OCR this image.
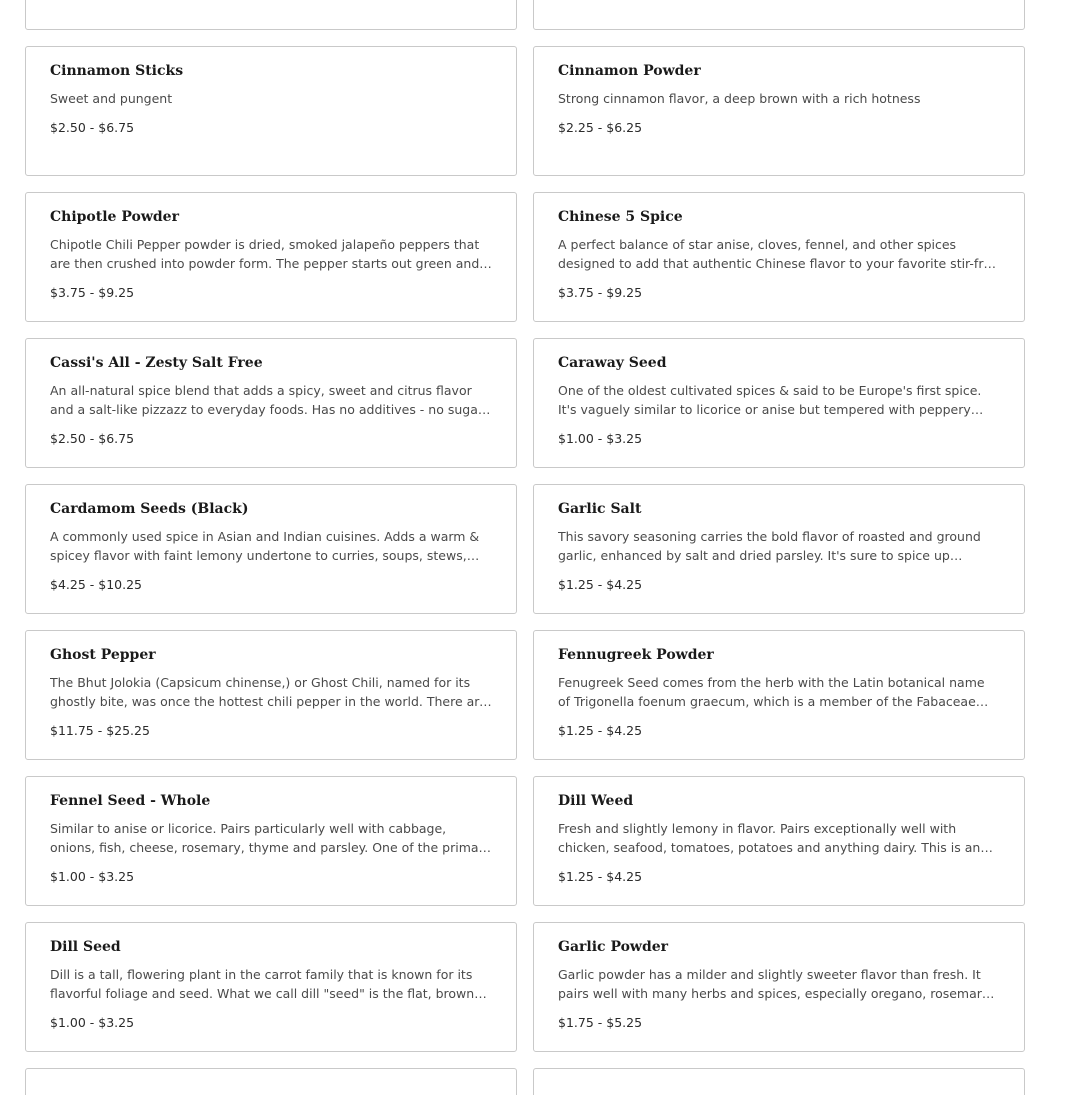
Cinnamon Sticks

Sweet and pungent

$2.50 - $6.75
Cinnamon Powder

Strong cinnamon flavor, a deep brown with a rich hotness

$2.25 - $6.25
Chipotle Powder

Chipotle Chili Pepper powder is dried, smoked jalapeño peppers that are then crushed into powder form. The pepper starts out green and

$3.75 - $9.25
Chinese 5 Spice

A perfect balance of star anise, cloves, fennel, and other spices designed to add that authentic Chinese flavor to your favorite stir-fry,

$3.75 - $9.25
Cassi's All - Zesty Salt Free

An all-natural spice blend that adds a spicy, sweet and citrus flavor and a salt-like pizzazz to everyday foods. Has no additives - no sugar,

$2.50 - $6.75
Caraway Seed

One of the oldest cultivated spices & said to be Europe's first spice. It's vaguely similar to licorice or anise but tempered with peppery…

$1.00 - $3.25
Cardamom Seeds (Black)

A commonly used spice in Asian and Indian cuisines. Adds a warm & spicey flavor with faint lemony undertone to curries, soups, stews,

$4.25 - $10.25
Garlic Salt

This savory seasoning carries the bold flavor of roasted and ground garlic, enhanced by salt and dried parsley. It's sure to spice up

$1.25 - $4.25
Ghost Pepper

The Bhut Jolokia (Capsicum chinense,) or Ghost Chili, named for its ghostly bite, was once the hottest chili pepper in the world. There are

$11.75 - $25.25
Fennugreek Powder

Fenugreek Seed comes from the herb with the Latin botanical name of Trigonella foenum graecum, which is a member of the Fabaceae

$1.25 - $4.25
Fennel Seed - Whole

Similar to anise or licorice. Pairs particularly well with cabbage, onions, fish, cheese, rosemary, thyme and parsley. One of the primary

$1.00 - $3.25
Dill Weed

Fresh and slightly lemony in flavor. Pairs exceptionally well with chicken, seafood, tomatoes, potatoes and anything dairy. This is an

$1.25 - $4.25
Dill Seed

Dill is a tall, flowering plant in the carrot family that is known for its flavorful foliage and seed. What we call dill "seed" is the flat, brown

$1.00 - $3.25
Garlic Powder

Garlic powder has a milder and slightly sweeter flavor than fresh. It pairs well with many herbs and spices, especially oregano, rosemary,

$1.75 - $5.25
